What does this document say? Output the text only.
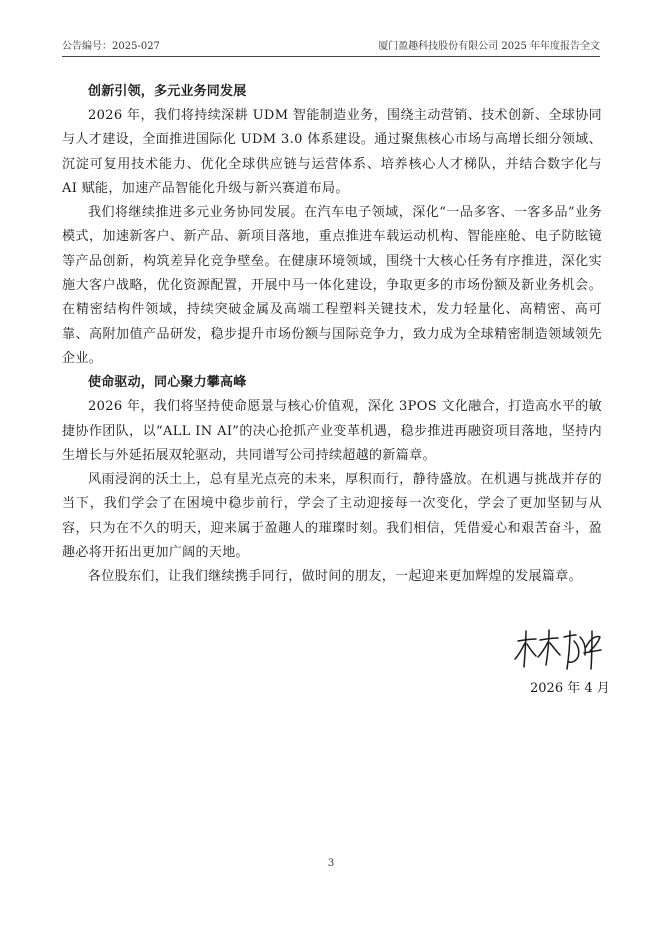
公告编号：2025-027	厦门盈趣科技股份有限公司 2025 年年度报告全文

创新引领，多元业务同发展

2026 年，我们将持续深耕 UDM 智能制造业务，围绕主动营销、技术创新、全球协同与人才建设，全面推进国际化 UDM 3.0 体系建设。通过聚焦核心市场与高增长细分领域、沉淀可复用技术能力、优化全球供应链与运营体系、培养核心人才梯队，并结合数字化与 AI 赋能，加速产品智能化升级与新兴赛道布局。

我们将继续推进多元业务协同发展。在汽车电子领域，深化“一品多客、一客多品”业务模式，加速新客户、新产品、新项目落地，重点推进车载运动机构、智能座舱、电子防眩镜等产品创新，构筑差异化竞争壁垒。在健康环境领域，围绕十大核心任务有序推进，深化实施大客户战略，优化资源配置，开展中马一体化建设，争取更多的市场份额及新业务机会。在精密结构件领域，持续突破金属及高端工程塑料关键技术，发力轻量化、高精密、高可靠、高附加值产品研发，稳步提升市场份额与国际竞争力，致力成为全球精密制造领域领先企业。

使命驱动，同心聚力攀高峰

2026 年，我们将坚持使命愿景与核心价值观，深化 3POS 文化融合，打造高水平的敏捷协作团队，以“ALL IN AI”的决心抢抓产业变革机遇，稳步推进再融资项目落地，坚持内生增长与外延拓展双轮驱动，共同谱写公司持续超越的新篇章。

风雨浸润的沃土上，总有星光点亮的未来，厚积而行，静待盛放。在机遇与挑战并存的当下，我们学会了在困境中稳步前行，学会了主动迎接每一次变化，学会了更加坚韧与从容，只为在不久的明天，迎来属于盈趣人的璀璨时刻。我们相信，凭借爱心和艰苦奋斗，盈趣必将开拓出更加广阔的天地。

各位股东们，让我们继续携手同行，做时间的朋友，一起迎来更加辉煌的发展篇章。

2026 年 4 月
3
